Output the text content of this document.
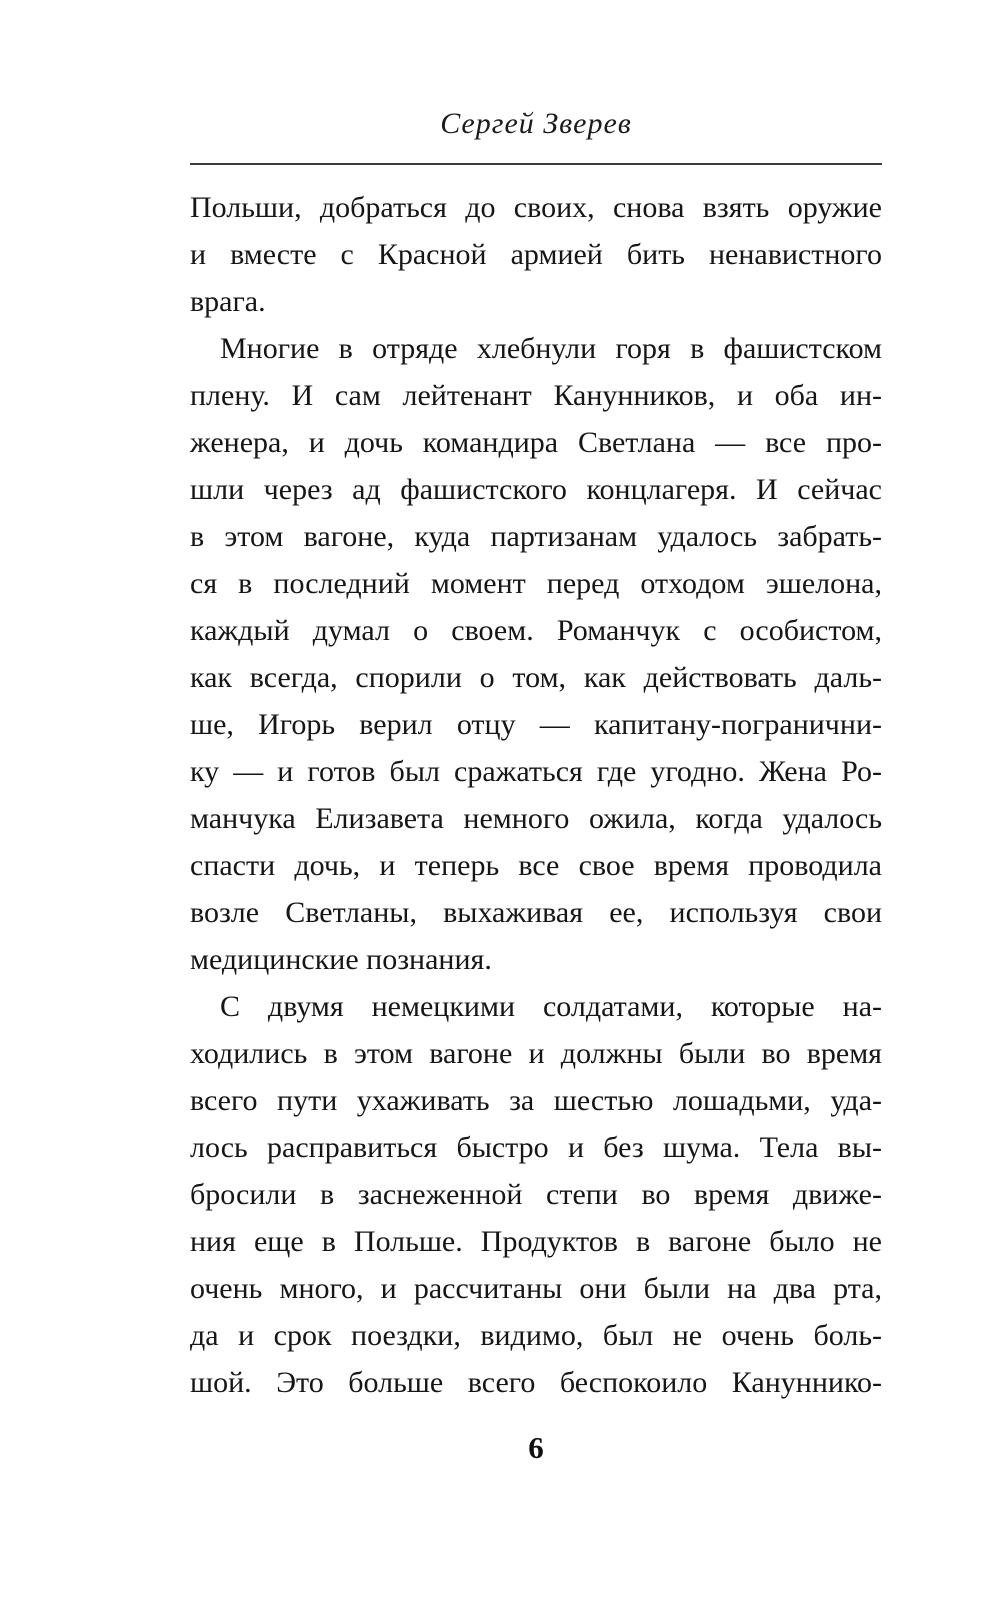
Сергей Зверев
Польши, добраться до своих, снова взять оружие
и вместе с Красной армией бить ненавистного
врага.
Многие в отряде хлебнули горя в фашистском
плену. И сам лейтенант Канунников, и оба ин-
женера, и дочь командира Светлана — все про-
шли через ад фашистского концлагеря. И сейчас
в этом вагоне, куда партизанам удалось забрать-
ся в последний момент перед отходом эшелона,
каждый думал о своем. Романчук с особистом,
как всегда, спорили о том, как действовать даль-
ше, Игорь верил отцу — капитану-погранични-
ку — и готов был сражаться где угодно. Жена Ро-
манчука Елизавета немного ожила, когда удалось
спасти дочь, и теперь все свое время проводила
возле Светланы, выхаживая ее, используя свои
медицинские познания.
С двумя немецкими солдатами, которые на-
ходились в этом вагоне и должны были во время
всего пути ухаживать за шестью лошадьми, уда-
лось расправиться быстро и без шума. Тела вы-
бросили в заснеженной степи во время движе-
ния еще в Польше. Продуктов в вагоне было не
очень много, и рассчитаны они были на два рта,
да и срок поездки, видимо, был не очень боль-
шой. Это больше всего беспокоило Кануннико-
6
